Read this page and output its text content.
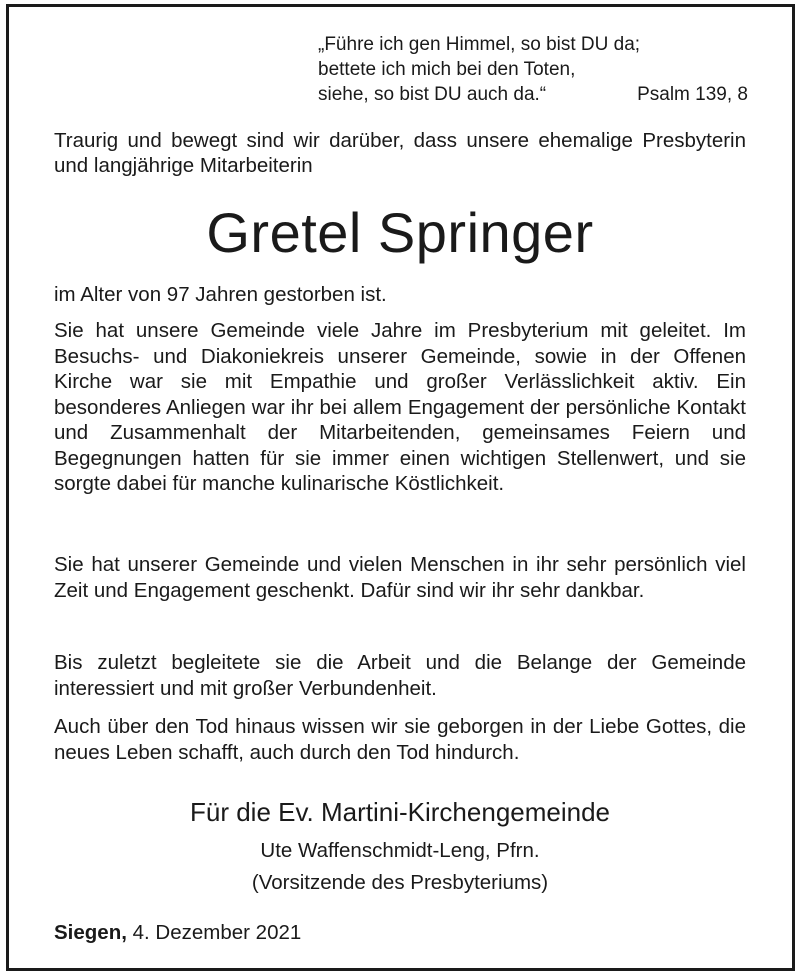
„Führe ich gen Himmel, so bist DU da;
bettete ich mich bei den Toten,
siehe, so bist DU auch da.“	Psalm 139, 8
Traurig und bewegt sind wir darüber, dass unsere ehemalige Presbyterin und langjährige Mitarbeiterin
Gretel Springer
im Alter von 97 Jahren gestorben ist.
Sie hat unsere Gemeinde viele Jahre im Presbyterium mit geleitet. Im Besuchs- und Diakoniekreis unserer Gemeinde, sowie in der Offenen Kirche war sie mit Empathie und großer Verlässlichkeit aktiv. Ein besonderes Anliegen war ihr bei allem Engagement der persönliche Kontakt und Zusammenhalt der Mitarbeitenden, gemeinsames Feiern und Begegnungen hatten für sie immer einen wichtigen Stellenwert, und sie sorgte dabei für manche kulinarische Köstlichkeit.
Sie hat unserer Gemeinde und vielen Menschen in ihr sehr persönlich viel Zeit und Engagement geschenkt. Dafür sind wir ihr sehr dankbar.
Bis zuletzt begleitete sie die Arbeit und die Belange der Gemeinde interessiert und mit großer Verbundenheit.
Auch über den Tod hinaus wissen wir sie geborgen in der Liebe Gottes, die neues Leben schafft, auch durch den Tod hindurch.
Für die Ev. Martini-Kirchengemeinde
Ute Waffenschmidt-Leng, Pfrn.
(Vorsitzende des Presbyteriums)
Siegen, 4. Dezember 2021
